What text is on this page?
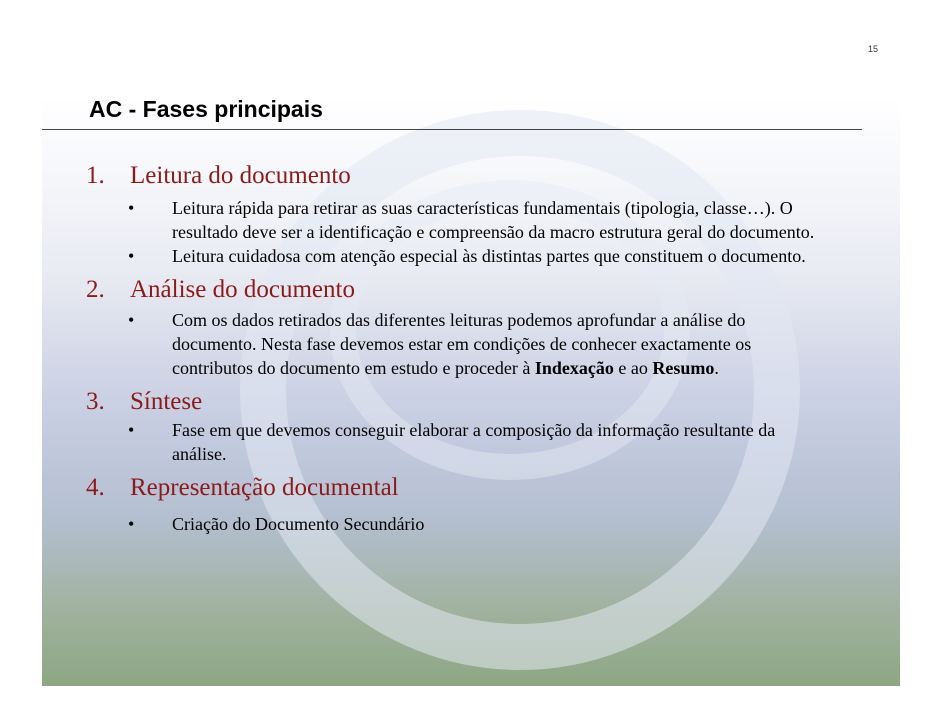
15
AC - Fases principais
1.	Leitura do documento
•	Leitura rápida para retirar as suas características fundamentais (tipologia, classe…). O resultado deve ser a identificação e compreensão da macro estrutura geral do documento.
•	Leitura cuidadosa com atenção especial às distintas partes que constituem o documento.
2.	Análise do documento
•	Com os dados retirados das diferentes leituras podemos aprofundar a análise do documento. Nesta fase devemos estar em condições de conhecer exactamente os contributos do documento em estudo e proceder à Indexação e ao Resumo.
3.	Síntese
•	Fase em que devemos conseguir elaborar a composição da informação resultante da análise.
4.	Representação documental
•	Criação do Documento Secundário
